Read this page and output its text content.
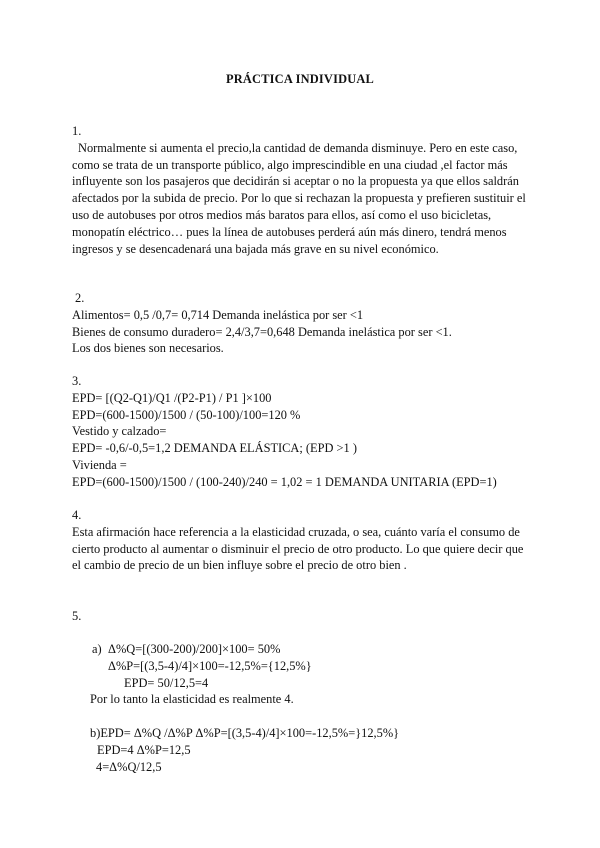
PRÁCTICA INDIVIDUAL
1.
Normalmente si aumenta el precio,la cantidad de demanda disminuye. Pero en este caso, como se trata de un transporte público, algo imprescindible en una ciudad ,el factor más influyente son los pasajeros que decidirán si aceptar o no la propuesta ya que ellos saldrán afectados por la subida de precio. Por lo que si rechazan la propuesta y prefieren sustituir el uso de autobuses por otros medios más baratos para ellos, así como el uso bicicletas, monopatín eléctrico… pues la línea de autobuses perderá aún más dinero, tendrá menos ingresos y se desencadenará una bajada más grave en su nivel económico.
2.
Alimentos= 0,5 /0,7= 0,714 Demanda inelástica por ser <1
Bienes de consumo duradero= 2,4/3,7=0,648 Demanda inelástica por ser <1.
Los dos bienes son necesarios.
3.
EPD= [(Q2-Q1)/Q1 /(P2-P1) / P1 ]×100
EPD=(600-1500)/1500 / (50-100)/100=120 %
Vestido y calzado=
EPD= -0,6/-0,5=1,2 DEMANDA ELÁSTICA; (EPD >1 )
Vivienda =
EPD=(600-1500)/1500 / (100-240)/240 = 1,02 = 1 DEMANDA UNITARIA (EPD=1)
4.
Esta afirmación hace referencia a la elasticidad cruzada, o sea, cuánto varía el consumo de cierto producto al aumentar o disminuir el precio de otro producto. Lo que quiere decir que el cambio de precio de un bien influye sobre el precio de otro bien .
5.
a) Δ%Q=[(300-200)/200]×100= 50%
Δ%P=[(3,5-4)/4]×100=-12,5%={12,5%}
EPD= 50/12,5=4
Por lo tanto la elasticidad es realmente 4.
b)EPD= Δ%Q /Δ%P Δ%P=[(3,5-4)/4]×100=-12,5%=}12,5%}
EPD=4 Δ%P=12,5
4=Δ%Q/12,5
